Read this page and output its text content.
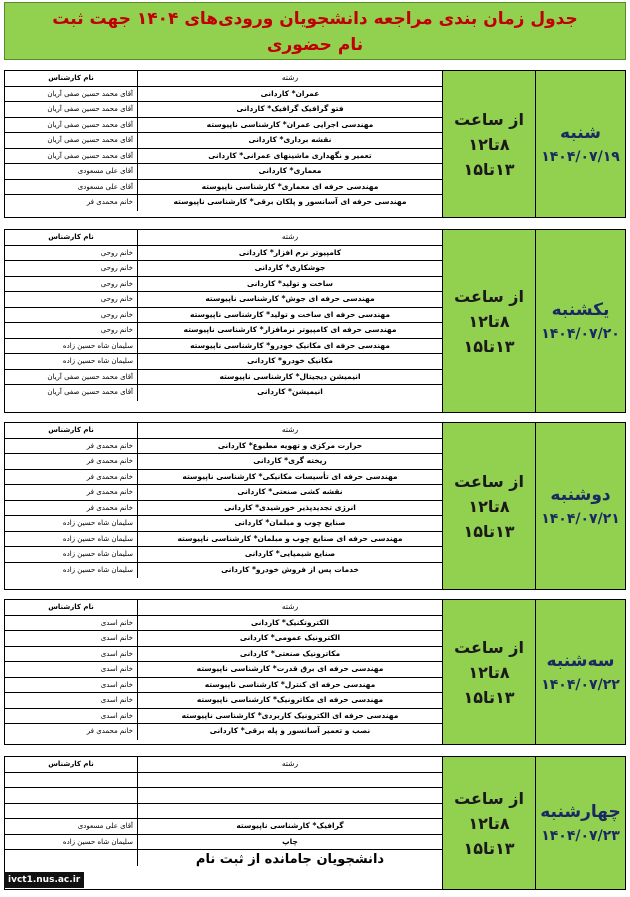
جدول زمان بندی مراجعه دانشجویان ورودی‌های ۱۴۰۴ جهت ثبت
نام حضوری
نام کارشناس	رشته
آقای محمد حسین صفی آریان	عمران* کاردانی
آقای محمد حسین صفی آریان	فتو گرافیک گرافیک* کاردانی
آقای محمد حسین صفی آریان	مهندسی اجرایی عمران* کارشناسی ناپیوسته
آقای محمد حسین صفی آریان	نقشه برداری* کاردانی
آقای محمد حسین صفی آریان	تعمیر و نگهداری ماشینهای عمرانی* کاردانی
آقای علی مسعودی	معماری* کاردانی
آقای علی مسعودی	مهندسی حرفه ای معماری* کارشناسی ناپیوسته
خانم محمدی فر	مهندسی حرفه ای آسانسور و پلکان برقی* کارشناسی ناپیوسته
از ساعت
۸تا۱۲
۱۳تا۱۵
شنبه
۱۴۰۴/۰۷/۱۹
نام کارشناس	رشته
خانم روحی	کامپیوتر نرم افزار* کاردانی
خانم روحی	جوشکاری* کاردانی
خانم روحی	ساخت و تولید* کاردانی
خانم روحی	مهندسی حرفه ای جوش* کارشناسی ناپیوسته
خانم روحی	مهندسی حرفه ای ساخت و تولید* کارشناسی ناپیوسته
خانم روحی	مهندسی حرفه ای کامپیوتر نرمافزار* کارشناسی ناپیوسته
سلیمان شاه حسین زاده	مهندسی حرفه ای مکانیک خودرو* کارشناسی ناپیوسته
سلیمان شاه حسین زاده	مکانیک خودرو* کاردانی
آقای محمد حسین صفی آریان	انیمیشن دیجیتال* کارشناسی ناپیوسته
آقای محمد حسین صفی آریان	انیمیشن* کاردانی
از ساعت
۸تا۱۲
۱۳تا۱۵
یکشنبه
۱۴۰۴/۰۷/۲۰
نام کارشناس	رشته
خانم محمدی فر	حرارت مرکزی و تهویه مطبوع* کاردانی
خانم محمدی فر	ریخته گری* کاردانی
خانم محمدی فر	مهندسی حرفه ای تأسیسات مکانیکی* کارشناسی ناپیوسته
خانم محمدی فر	نقشه کشی صنعتی* کاردانی
خانم محمدی فر	انرژی تجدیدپذیر خورشیدی* کاردانی
سلیمان شاه حسین زاده	صنایع چوب و مبلمان* کاردانی
سلیمان شاه حسین زاده	مهندسی حرفه ای صنایع چوب و مبلمان* کارشناسی ناپیوسته
سلیمان شاه حسین زاده	صنایع شیمیایی* کاردانی
سلیمان شاه حسین زاده	خدمات پس از فروش خودرو* کاردانی
از ساعت
۸تا۱۲
۱۳تا۱۵
دوشنبه
۱۴۰۴/۰۷/۲۱
نام کارشناس	رشته
خانم اسدی	الکتروتکنیک* کاردانی
خانم اسدی	الکترونیک عمومی* کاردانی
خانم اسدی	مکاترونیک صنعتی* کاردانی
خانم اسدی	مهندسی حرفه ای برق قدرت* کارشناسی ناپیوسته
خانم اسدی	مهندسی حرفه ای کنترل* کارشناسی ناپیوسته
خانم اسدی	مهندسی حرفه ای مکاترونیک* کارشناسی ناپیوسته
خانم اسدی	مهندسی حرفه ای الکترونیک کاربردی* کارشناسی ناپیوسته
خانم محمدی فر	نصب و تعمیر آسانسور و پله برقی* کاردانی
از ساعت
۸تا۱۲
۱۳تا۱۵
سه‌شنبه
۱۴۰۴/۰۷/۲۲
نام کارشناس	رشته
آقای علی مسعودی	گرافیک* کارشناسی ناپیوسته
سلیمان شاه حسین زاده	چاپ
از ساعت
۸تا۱۲
۱۳تا۱۵
چهارشنبه
۱۴۰۴/۰۷/۲۳
دانشجویان جامانده از ثبت نام
ivct1.nus.ac.ir
